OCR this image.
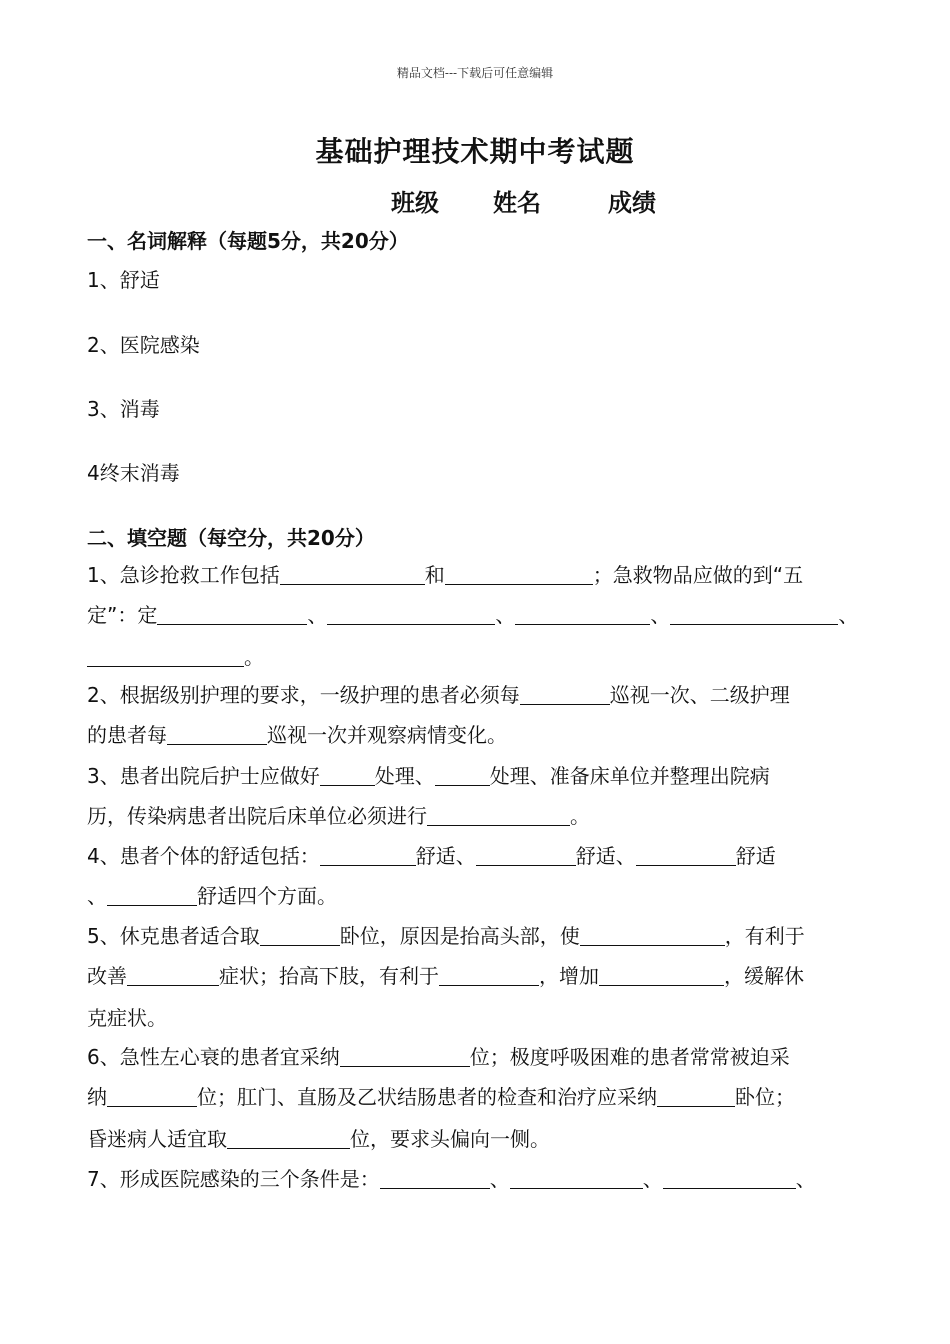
精品文档---下载后可任意编辑
基础护理技术期中考试题
班级 姓名	成绩
一、名词解释（每题5分，共20分）
1、舒适
2、医院感染
3、消毒
4终末消毒
二、填空题（每空分，共20分）
1、急诊抢救工作包括	和	；急救物品应做的到“五
定”：定	、	、	、	、
。
2、根据级别护理的要求，一级护理的患者必须每	巡视一次、二级护理
的患者每	巡视一次并观察病情变化。
3、患者出院后护士应做好	处理、	处理、准备床单位并整理出院病
历，传染病患者出院后床单位必须进行	。
4、患者个体的舒适包括：	舒适、	舒适、	舒适
、	舒适四个方面。
5、休克患者适合取	卧位，原因是抬高头部，使	，有利于
改善	症状；抬高下肢，有利于	，增加	，缓解休
克症状。
6、急性左心衰的患者宜采纳	位；极度呼吸困难的患者常常被迫采
纳	位；肛门、直肠及乙状结肠患者的检查和治疗应采纳	卧位；
昏迷病人适宜取	位，要求头偏向一侧。
7、形成医院感染的三个条件是：	、	、	、
